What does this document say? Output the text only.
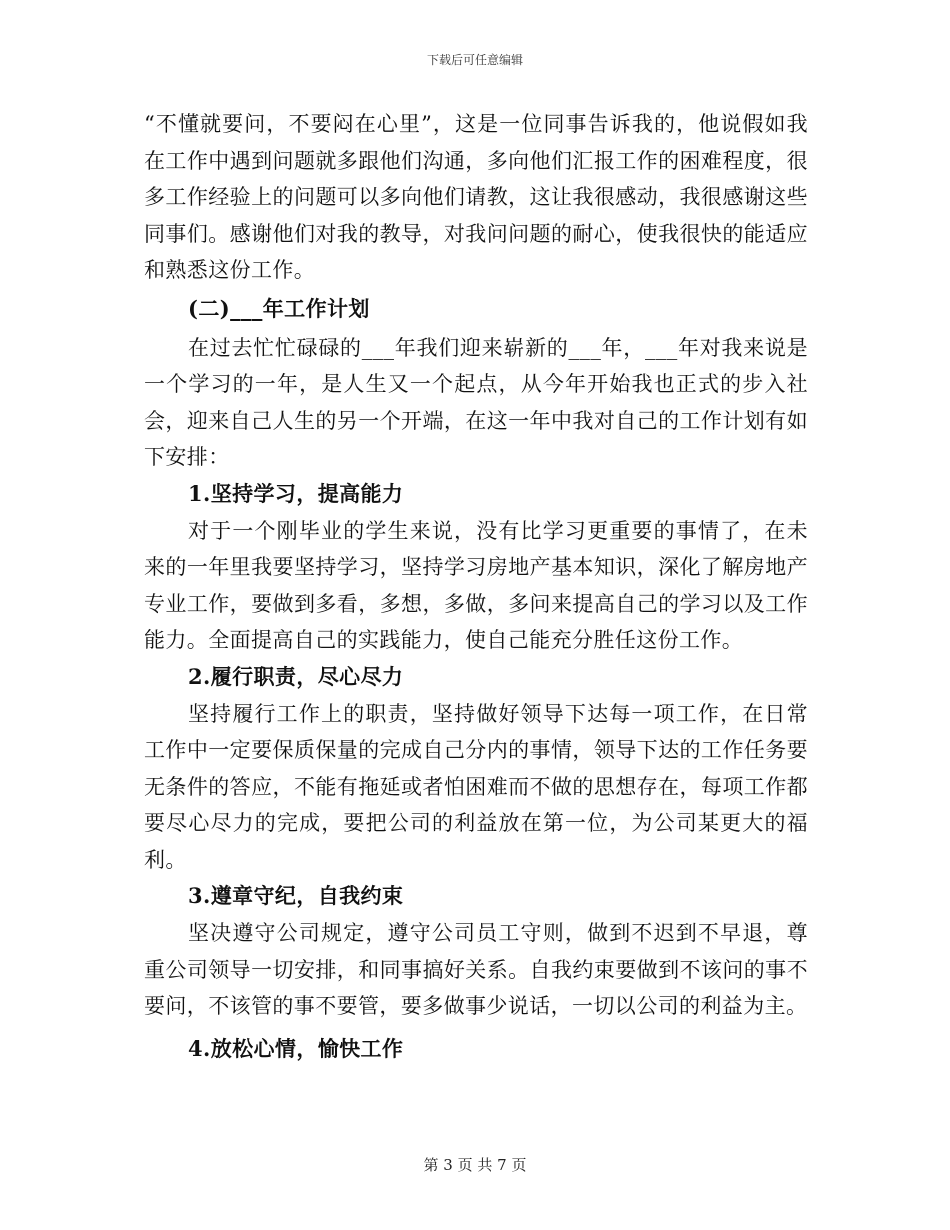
下载后可任意编辑

“不懂就要问，不要闷在心里”，这是一位同事告诉我的，他说假如我在工作中遇到问题就多跟他们沟通，多向他们汇报工作的困难程度，很多工作经验上的问题可以多向他们请教，这让我很感动，我很感谢这些同事们。感谢他们对我的教导，对我问问题的耐心，使我很快的能适应和熟悉这份工作。

(二)___年工作计划

在过去忙忙碌碌的___年我们迎来崭新的___年，___年对我来说是一个学习的一年，是人生又一个起点，从今年开始我也正式的步入社会，迎来自己人生的另一个开端，在这一年中我对自己的工作计划有如下安排：

1.坚持学习，提高能力

对于一个刚毕业的学生来说，没有比学习更重要的事情了，在未来的一年里我要坚持学习，坚持学习房地产基本知识，深化了解房地产专业工作，要做到多看，多想，多做，多问来提高自己的学习以及工作能力。全面提高自己的实践能力，使自己能充分胜任这份工作。

2.履行职责，尽心尽力

坚持履行工作上的职责，坚持做好领导下达每一项工作，在日常工作中一定要保质保量的完成自己分内的事情，领导下达的工作任务要无条件的答应，不能有拖延或者怕困难而不做的思想存在，每项工作都要尽心尽力的完成，要把公司的利益放在第一位，为公司某更大的福利。

3.遵章守纪，自我约束

坚决遵守公司规定，遵守公司员工守则，做到不迟到不早退，尊重公司领导一切安排，和同事搞好关系。自我约束要做到不该问的事不要问，不该管的事不要管，要多做事少说话，一切以公司的利益为主。

4.放松心情，愉快工作

第 3 页 共 7 页
